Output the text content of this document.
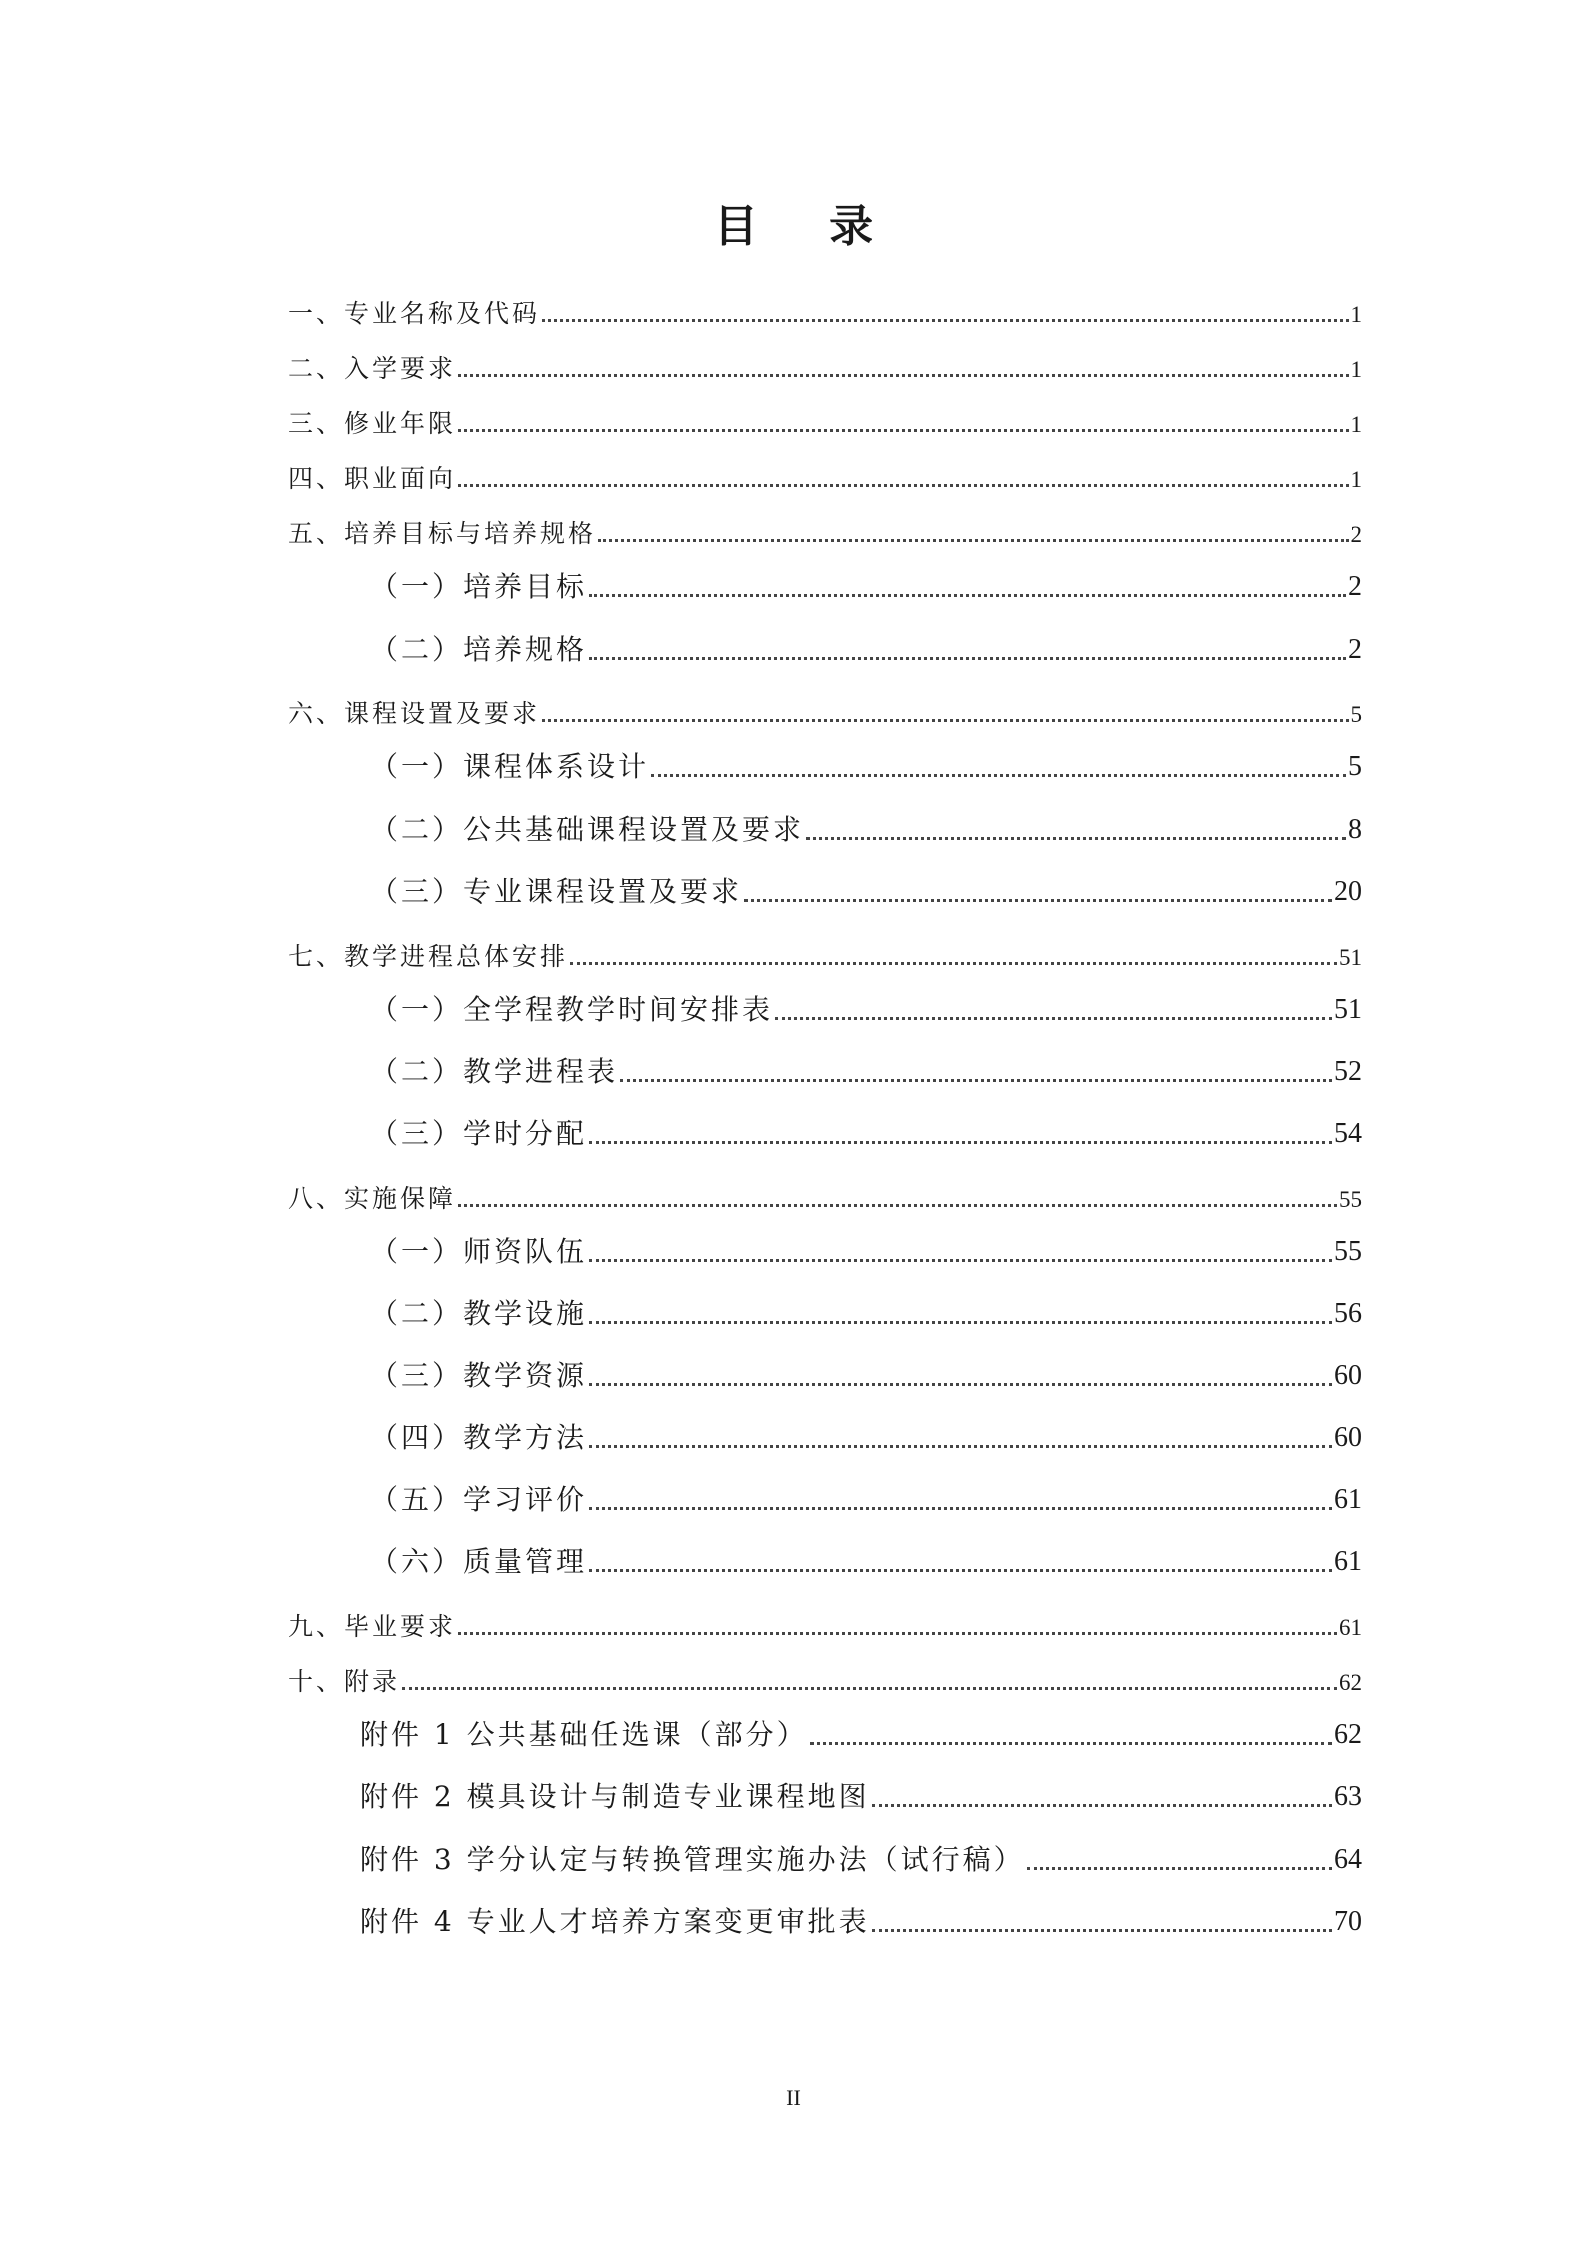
目 录
一、专业名称及代码	1
二、入学要求	1
三、修业年限	1
四、职业面向	1
五、培养目标与培养规格	2
（一）培养目标	2
（二）培养规格	2
六、课程设置及要求	5
（一）课程体系设计	5
（二）公共基础课程设置及要求	8
（三）专业课程设置及要求	20
七、教学进程总体安排	51
（一）全学程教学时间安排表	51
（二）教学进程表	52
（三）学时分配	54
八、实施保障	55
（一）师资队伍	55
（二）教学设施	56
（三）教学资源	60
（四）教学方法	60
（五）学习评价	61
（六）质量管理	61
九、毕业要求	61
十、附录	62
附件 1 公共基础任选课（部分）	62
附件 2 模具设计与制造专业课程地图	63
附件 3 学分认定与转换管理实施办法（试行稿）	64
附件 4 专业人才培养方案变更审批表	70
II
